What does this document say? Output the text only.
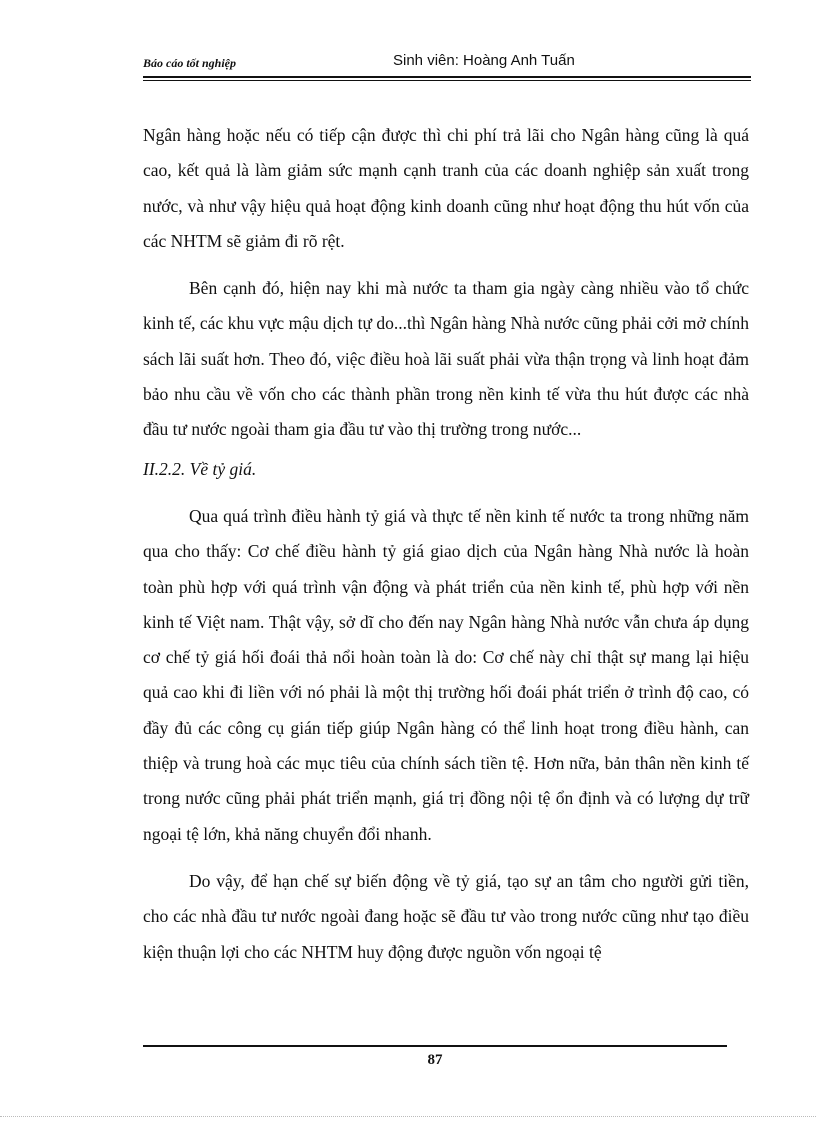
Báo cáo tốt nghiệp	Sinh viên: Hoàng Anh Tuấn

Ngân hàng hoặc nếu có tiếp cận được thì chi phí trả lãi cho Ngân hàng cũng là quá cao, kết quả là làm giảm sức mạnh cạnh tranh của các doanh nghiệp sản xuất trong nước, và như vậy hiệu quả hoạt động kinh doanh cũng như hoạt động thu hút vốn của các NHTM sẽ giảm đi rõ rệt.

Bên cạnh đó, hiện nay khi mà nước ta tham gia ngày càng nhiều vào tổ chức kinh tế, các khu vực mậu dịch tự do...thì Ngân hàng Nhà nước cũng phải cởi mở chính sách lãi suất hơn. Theo đó, việc điều hoà lãi suất phải vừa thận trọng và linh hoạt đảm bảo nhu cầu về vốn cho các thành phần trong nền kinh tế vừa thu hút được các nhà đầu tư nước ngoài tham gia đầu tư vào thị trường trong nước...

II.2.2. Về tỷ giá.

Qua quá trình điều hành tỷ giá và thực tế nền kinh tế nước ta trong những năm qua cho thấy: Cơ chế điều hành tỷ giá giao dịch của Ngân hàng Nhà nước là hoàn toàn phù hợp với quá trình vận động và phát triển của nền kinh tế, phù hợp với nền kinh tế Việt nam. Thật vậy, sở dĩ cho đến nay Ngân hàng Nhà nước vẫn chưa áp dụng cơ chế tỷ giá hối đoái thả nổi hoàn toàn là do: Cơ chế này chỉ thật sự mang lại hiệu quả cao khi đi liền với nó phải là một thị trường hối đoái phát triển ở trình độ cao, có đầy đủ các công cụ gián tiếp giúp Ngân hàng có thể linh hoạt trong điều hành, can thiệp và trung hoà các mục tiêu của chính sách tiền tệ. Hơn nữa, bản thân nền kinh tế trong nước cũng phải phát triển mạnh, giá trị đồng nội tệ ổn định và có lượng dự trữ ngoại tệ lớn, khả năng chuyển đổi nhanh.

Do vậy, để hạn chế sự biến động về tỷ giá, tạo sự an tâm cho người gửi tiền, cho các nhà đầu tư nước ngoài đang hoặc sẽ đầu tư vào trong nước cũng như tạo điều kiện thuận lợi cho các NHTM huy động được nguồn vốn ngoại tệ

87
